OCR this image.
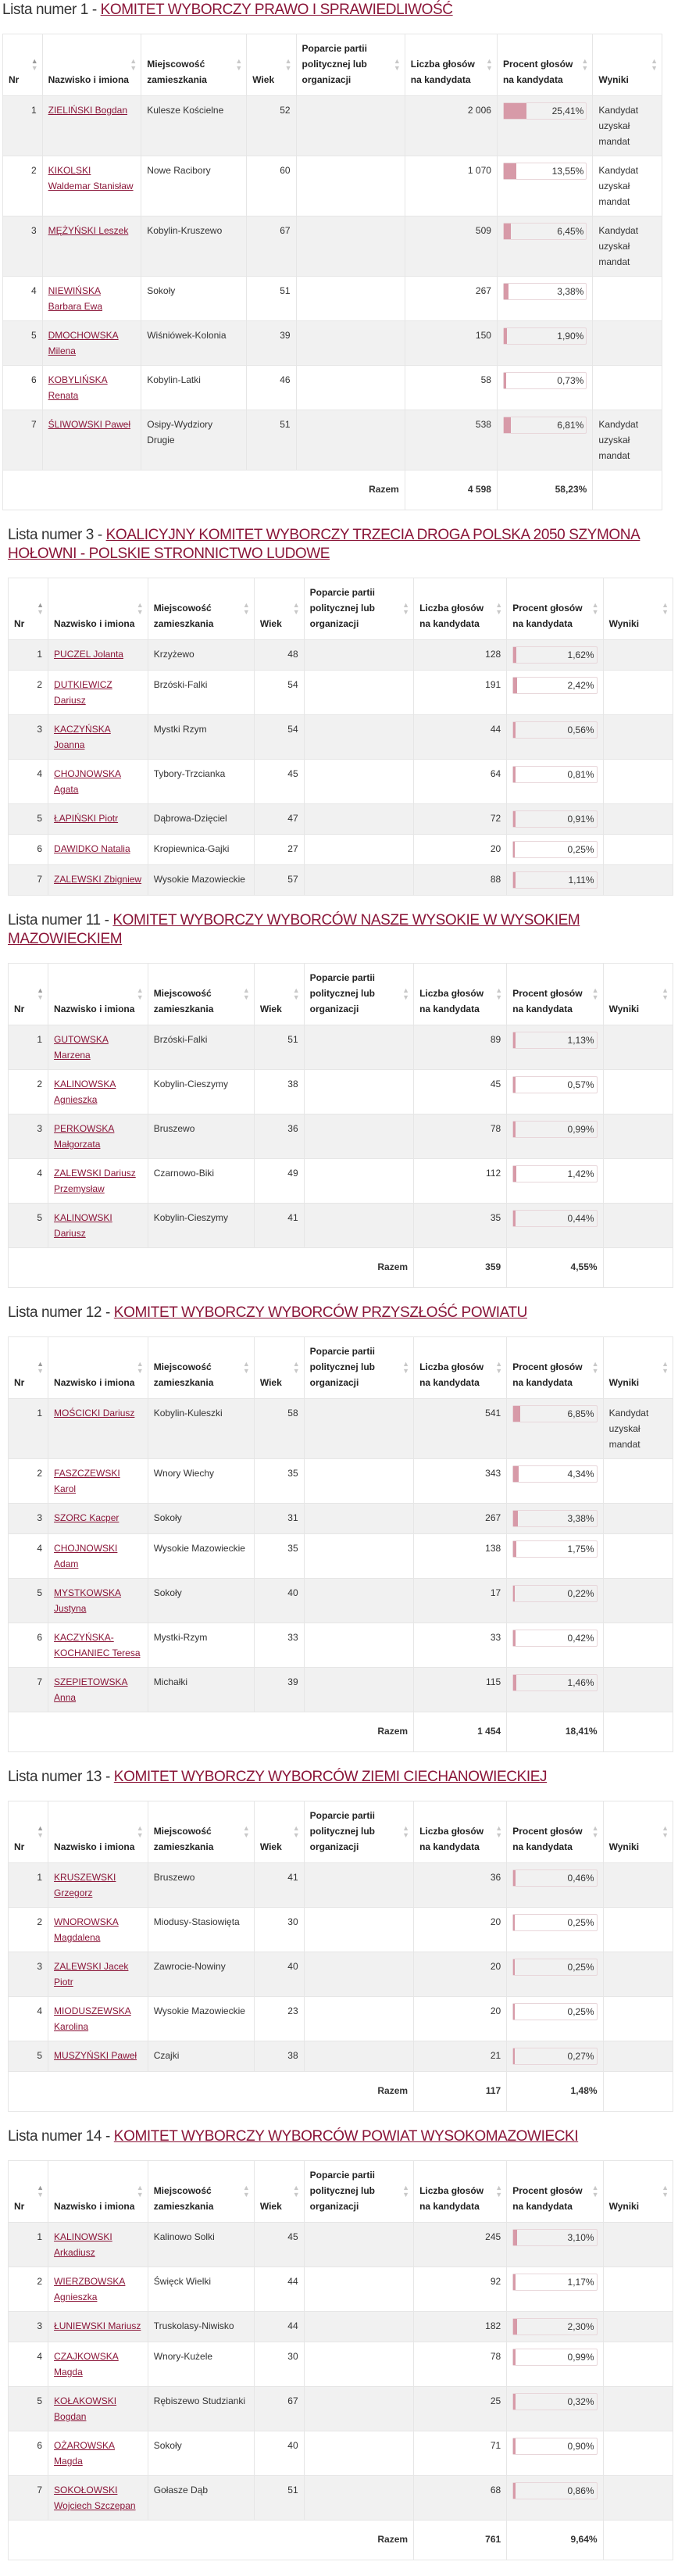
Lista numer 1 - KOMITET WYBORCZY PRAWO I SPRAWIEDLIWOŚĆ
Nr
▲
▼	Nazwisko i imiona
▲
▼	Miejscowość zamieszkania
▲
▼	Wiek
▲
▼	Poparcie partii politycznej lub organizacji
▲
▼	Liczba głosów na kandydata
▲
▼	Procent głosów na kandydata
▲
▼	Wyniki
▲
▼

1	ZIELIŃSKI Bogdan	Kulesze Kościelne	52		2 006	25,41%	Kandydat uzyskał mandat
2	KIKOLSKI Waldemar Stanisław	Nowe Racibory	60		1 070	13,55%	Kandydat uzyskał mandat
3	MĘŻYŃSKI Leszek	Kobylin-Kruszewo	67		509	6,45%	Kandydat uzyskał mandat
4	NIEWIŃSKA Barbara Ewa	Sokoły	51		267	3,38%	

5	DMOCHOWSKA Milena	Wiśniówek-Kolonia	39		150	1,90%	

6	KOBYLIŃSKA Renata	Kobylin-Latki	46		58	0,73%	

7	ŚLIWOWSKI Paweł	Osipy-Wydziory Drugie	51		538	6,81%	Kandydat uzyskał mandat
				Razem	4 598	58,23%	
Lista numer 3 - KOALICYJNY KOMITET WYBORCZY TRZECIA DROGA POLSKA 2050 SZYMONA HOŁOWNI - POLSKIE STRONNICTWO LUDOWE
Nr
▲
▼	Nazwisko i imiona
▲
▼	Miejscowość zamieszkania
▲
▼	Wiek
▲
▼	Poparcie partii politycznej lub organizacji
▲
▼	Liczba głosów na kandydata
▲
▼	Procent głosów na kandydata
▲
▼	Wyniki
▲
▼

1	PUCZEL Jolanta	Krzyżewo	48		128	1,62%	

2	DUTKIEWICZ Dariusz	Brzóski-Falki	54		191	2,42%	

3	KACZYŃSKA Joanna	Mystki Rzym	54		44	0,56%	

4	CHOJNOWSKA Agata	Tybory-Trzcianka	45		64	0,81%	

5	ŁAPIŃSKI Piotr	Dąbrowa-Dzięciel	47		72	0,91%	

6	DAWIDKO Natalia	Kropiewnica-Gajki	27		20	0,25%	

7	ZALEWSKI Zbigniew	Wysokie Mazowieckie	57		88	1,11%	

Lista numer 11 - KOMITET WYBORCZY WYBORCÓW NASZE WYSOKIE W WYSOKIEM MAZOWIECKIEM
Nr
▲
▼	Nazwisko i imiona
▲
▼	Miejscowość zamieszkania
▲
▼	Wiek
▲
▼	Poparcie partii politycznej lub organizacji
▲
▼	Liczba głosów na kandydata
▲
▼	Procent głosów na kandydata
▲
▼	Wyniki
▲
▼

1	GUTOWSKA Marzena	Brzóski-Falki	51		89	1,13%	

2	KALINOWSKA Agnieszka	Kobylin-Cieszymy	38		45	0,57%	

3	PERKOWSKA Małgorzata	Bruszewo	36		78	0,99%	

4	ZALEWSKI Dariusz Przemysław	Czarnowo-Biki	49		112	1,42%	

5	KALINOWSKI Dariusz	Kobylin-Cieszymy	41		35	0,44%	

				Razem	359	4,55%	
Lista numer 12 - KOMITET WYBORCZY WYBORCÓW PRZYSZŁOŚĆ POWIATU
Nr
▲
▼	Nazwisko i imiona
▲
▼	Miejscowość zamieszkania
▲
▼	Wiek
▲
▼	Poparcie partii politycznej lub organizacji
▲
▼	Liczba głosów na kandydata
▲
▼	Procent głosów na kandydata
▲
▼	Wyniki
▲
▼

1	MOŚCICKI Dariusz	Kobylin-Kuleszki	58		541	6,85%	Kandydat uzyskał mandat
2	FASZCZEWSKI Karol	Wnory Wiechy	35		343	4,34%	

3	SZORC Kacper	Sokoły	31		267	3,38%	

4	CHOJNOWSKI Adam	Wysokie Mazowieckie	35		138	1,75%	

5	MYSTKOWSKA Justyna	Sokoły	40		17	0,22%	

6	KACZYŃSKA-KOCHANIEC Teresa	Mystki-Rzym	33		33	0,42%	

7	SZEPIETOWSKA Anna	Michałki	39		115	1,46%	

				Razem	1 454	18,41%	
Lista numer 13 - KOMITET WYBORCZY WYBORCÓW ZIEMI CIECHANOWIECKIEJ
Nr
▲
▼	Nazwisko i imiona
▲
▼	Miejscowość zamieszkania
▲
▼	Wiek
▲
▼	Poparcie partii politycznej lub organizacji
▲
▼	Liczba głosów na kandydata
▲
▼	Procent głosów na kandydata
▲
▼	Wyniki
▲
▼

1	KRUSZEWSKI Grzegorz	Bruszewo	41		36	0,46%	

2	WNOROWSKA Magdalena	Miodusy-Stasiowięta	30		20	0,25%	

3	ZALEWSKI Jacek Piotr	Zawrocie-Nowiny	40		20	0,25%	

4	MIODUSZEWSKA Karolina	Wysokie Mazowieckie	23		20	0,25%	

5	MUSZYŃSKI Paweł	Czajki	38		21	0,27%	

				Razem	117	1,48%	
Lista numer 14 - KOMITET WYBORCZY WYBORCÓW POWIAT WYSOKOMAZOWIECKI
Nr
▲
▼	Nazwisko i imiona
▲
▼	Miejscowość zamieszkania
▲
▼	Wiek
▲
▼	Poparcie partii politycznej lub organizacji
▲
▼	Liczba głosów na kandydata
▲
▼	Procent głosów na kandydata
▲
▼	Wyniki
▲
▼

1	KALINOWSKI Arkadiusz	Kalinowo Solki	45		245	3,10%	

2	WIERZBOWSKA Agnieszka	Święck Wielki	44		92	1,17%	

3	ŁUNIEWSKI Mariusz	Truskolasy-Niwisko	44		182	2,30%	

4	CZAJKOWSKA Magda	Wnory-Kużele	30		78	0,99%	

5	KOŁAKOWSKI Bogdan	Rębiszewo Studzianki	67		25	0,32%	

6	OŻAROWSKA Magda	Sokoły	40		71	0,90%	

7	SOKOŁOWSKI Wojciech Szczepan	Gołasze Dąb	51		68	0,86%	

				Razem	761	9,64%	
